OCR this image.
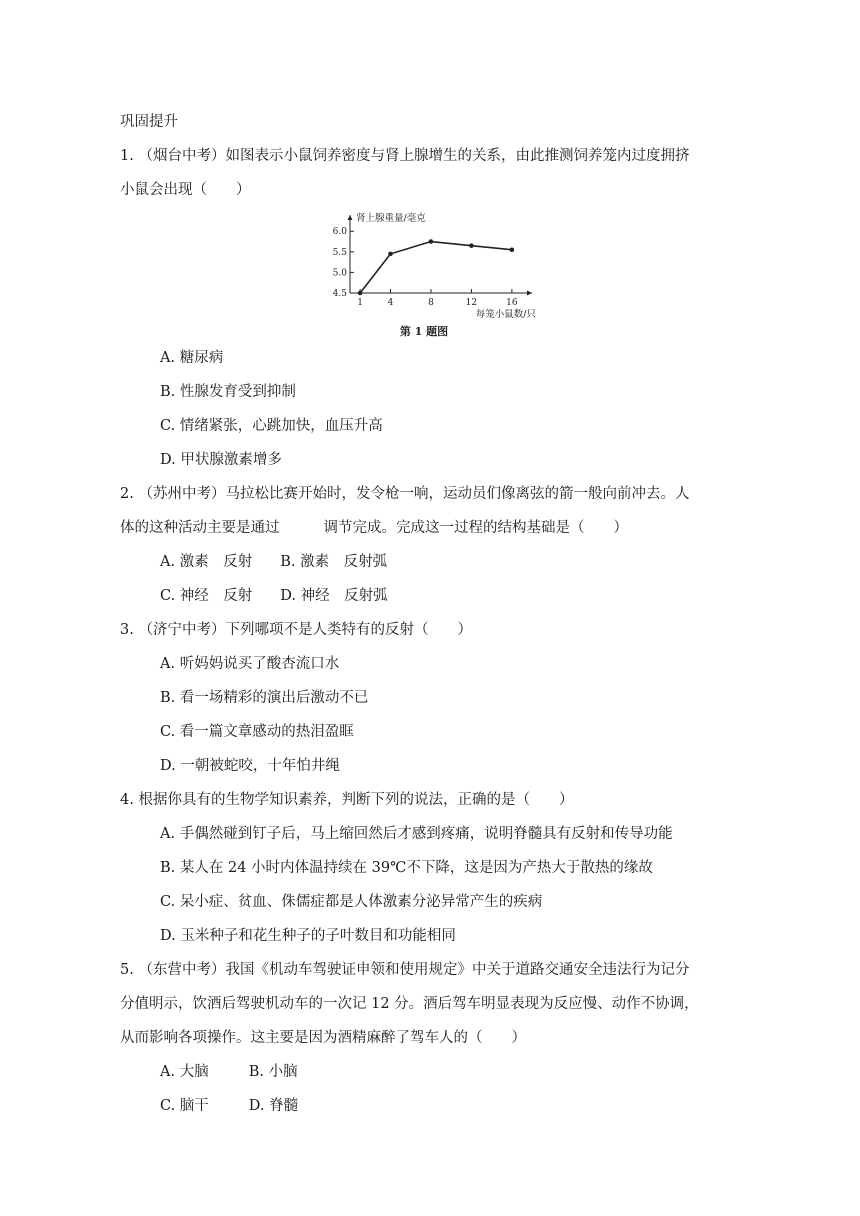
巩固提升
1. （烟台中考）如图表示小鼠饲养密度与肾上腺增生的关系，由此推测饲养笼内过度拥挤
小鼠会出现（　　）
4.5
5.0
5.5
6.0
1	4	8	12	16
肾上腺重量/毫克
每笼小鼠数/只
第 1 题图
A. 糖尿病
B. 性腺发育受到抑制
C. 情绪紧张，心跳加快，血压升高
D. 甲状腺激素增多
2. （苏州中考）马拉松比赛开始时，发令枪一响，运动员们像离弦的箭一般向前冲去。人
体的这种活动主要是通过	调节完成。完成这一过程的结构基础是（　　）
A. 激素　反射 B. 激素　反射弧
C. 神经　反射 D. 神经　反射弧
3. （济宁中考）下列哪项不是人类特有的反射（　　）
A. 听妈妈说买了酸杏流口水
B. 看一场精彩的演出后激动不已
C. 看一篇文章感动的热泪盈眶
D. 一朝被蛇咬，十年怕井绳
4. 根据你具有的生物学知识素养，判断下列的说法，正确的是（　　）
A. 手偶然碰到钉子后，马上缩回然后才感到疼痛，说明脊髓具有反射和传导功能
B. 某人在 24 小时内体温持续在 39℃不下降，这是因为产热大于散热的缘故
C. 呆小症、贫血、侏儒症都是人体激素分泌异常产生的疾病
D. 玉米种子和花生种子的子叶数目和功能相同
5. （东营中考）我国《机动车驾驶证申领和使用规定》中关于道路交通安全违法行为记分
分值明示，饮酒后驾驶机动车的一次记 12 分。酒后驾车明显表现为反应慢、动作不协调，
从而影响各项操作。这主要是因为酒精麻醉了驾车人的（　　）
A. 大脑	B. 小脑
C. 脑干	D. 脊髓
